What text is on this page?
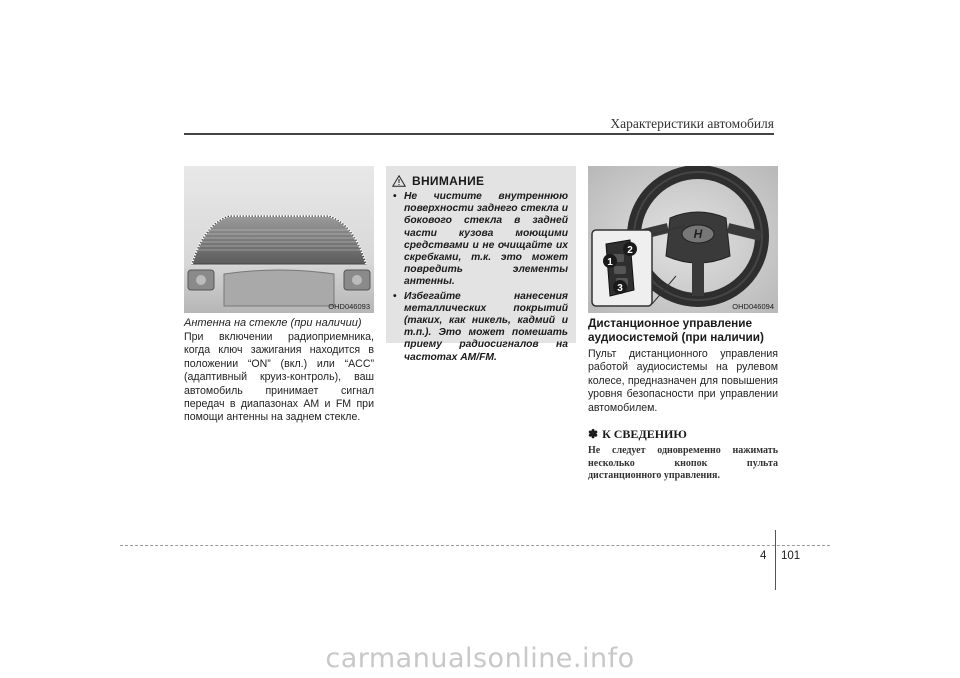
Характеристики автомобиля
OHD046093
Антенна на стекле (при наличии)
При включении радиоприемника, когда ключ зажигания находится в положении “ON” (вкл.) или “ACC” (адаптивный круиз-контроль), ваш автомобиль принимает сигнал передач в диапазонах AM и FM при помощи антенны на заднем стекле.
ВНИМАНИЕ
• Не чистите внутреннюю поверхности заднего стекла и бокового стекла в задней части кузова моющими средствами и не очищайте их скребками, т.к. это может повредить элементы антенны.
• Избегайте нанесения металлических покрытий (таких, как никель, кадмий и т.п.). Это может помешать приему радиосигналов на частотах AM/FM.
H
1
2
3
OHD046094
Дистанционное управление аудиосистемой (при наличии)
Пульт дистанционного управления работой аудиосистемы на рулевом колесе, предназначен для повышения уровня безопасности при управлении автомобилем.
✽ К СВЕДЕНИЮ
Не следует одновременно нажимать несколько кнопок пульта дистанционного управления.
4 101
carmanualsonline.info
